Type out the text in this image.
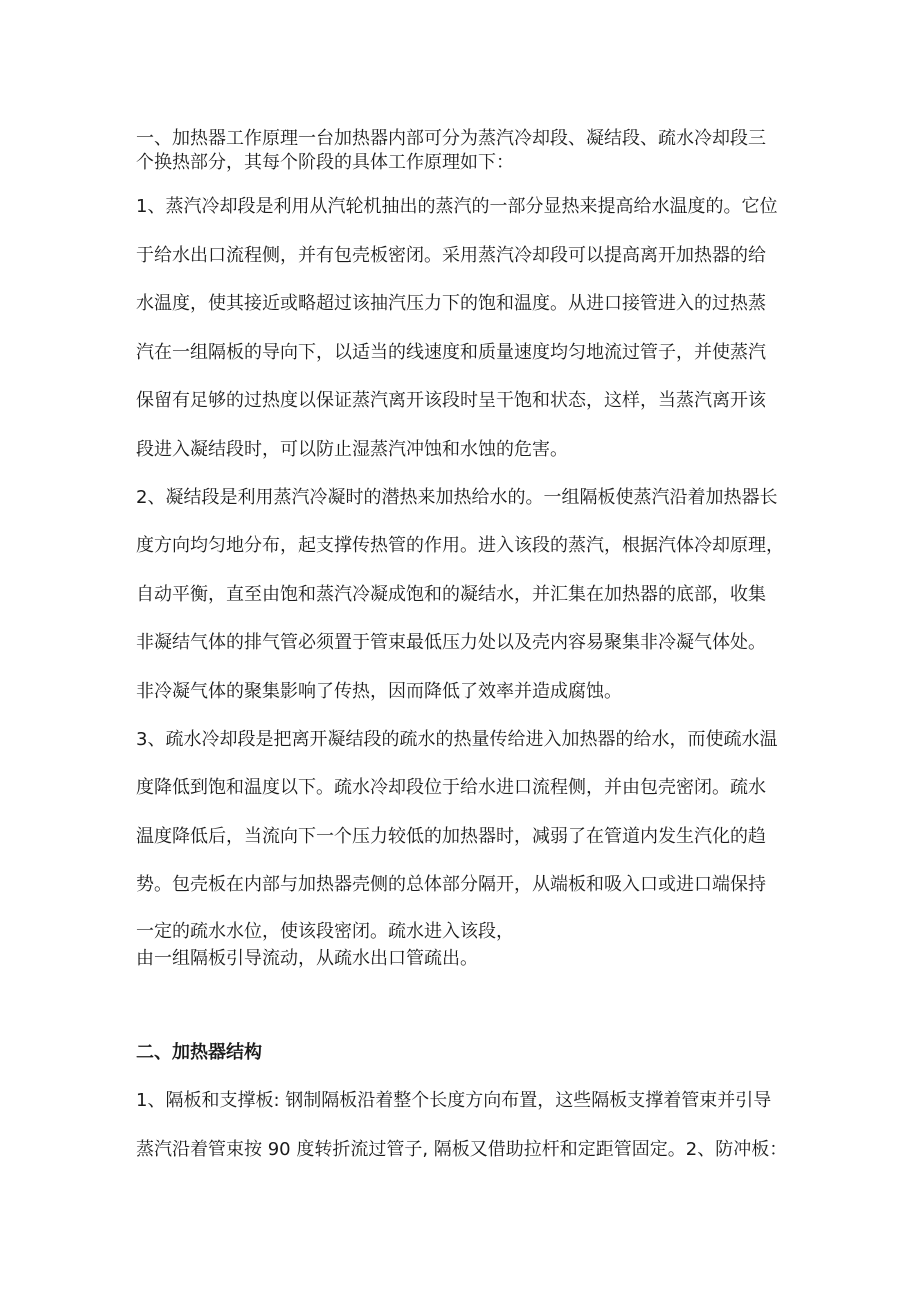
一、加热器工作原理一台加热器内部可分为蒸汽冷却段、凝结段、疏水冷却段三
个换热部分，其每个阶段的具体工作原理如下：
1、蒸汽冷却段是利用从汽轮机抽出的蒸汽的一部分显热来提高给水温度的。它位
于给水出口流程侧，并有包壳板密闭。采用蒸汽冷却段可以提高离开加热器的给
水温度，使其接近或略超过该抽汽压力下的饱和温度。从进口接管进入的过热蒸
汽在一组隔板的导向下，以适当的线速度和质量速度均匀地流过管子，并使蒸汽
保留有足够的过热度以保证蒸汽离开该段时呈干饱和状态，这样，当蒸汽离开该
段进入凝结段时，可以防止湿蒸汽冲蚀和水蚀的危害。
2、凝结段是利用蒸汽冷凝时的潜热来加热给水的。一组隔板使蒸汽沿着加热器长
度方向均匀地分布，起支撑传热管的作用。进入该段的蒸汽，根据汽体冷却原理，
自动平衡，直至由饱和蒸汽冷凝成饱和的凝结水，并汇集在加热器的底部，收集
非凝结气体的排气管必须置于管束最低压力处以及壳内容易聚集非冷凝气体处。
非冷凝气体的聚集影响了传热，因而降低了效率并造成腐蚀。
3、疏水冷却段是把离开凝结段的疏水的热量传给进入加热器的给水，而使疏水温
度降低到饱和温度以下。疏水冷却段位于给水进口流程侧，并由包壳密闭。疏水
温度降低后，当流向下一个压力较低的加热器时，减弱了在管道内发生汽化的趋
势。包壳板在内部与加热器壳侧的总体部分隔开，从端板和吸入口或进口端保持
一定的疏水水位，使该段密闭。疏水进入该段，
由一组隔板引导流动，从疏水出口管疏出。
二、加热器结构
1、隔板和支撑板: 钢制隔板沿着整个长度方向布置，这些隔板支撑着管束并引导
蒸汽沿着管束按 90 度转折流过管子, 隔板又借助拉杆和定距管固定。2、防冲板：
